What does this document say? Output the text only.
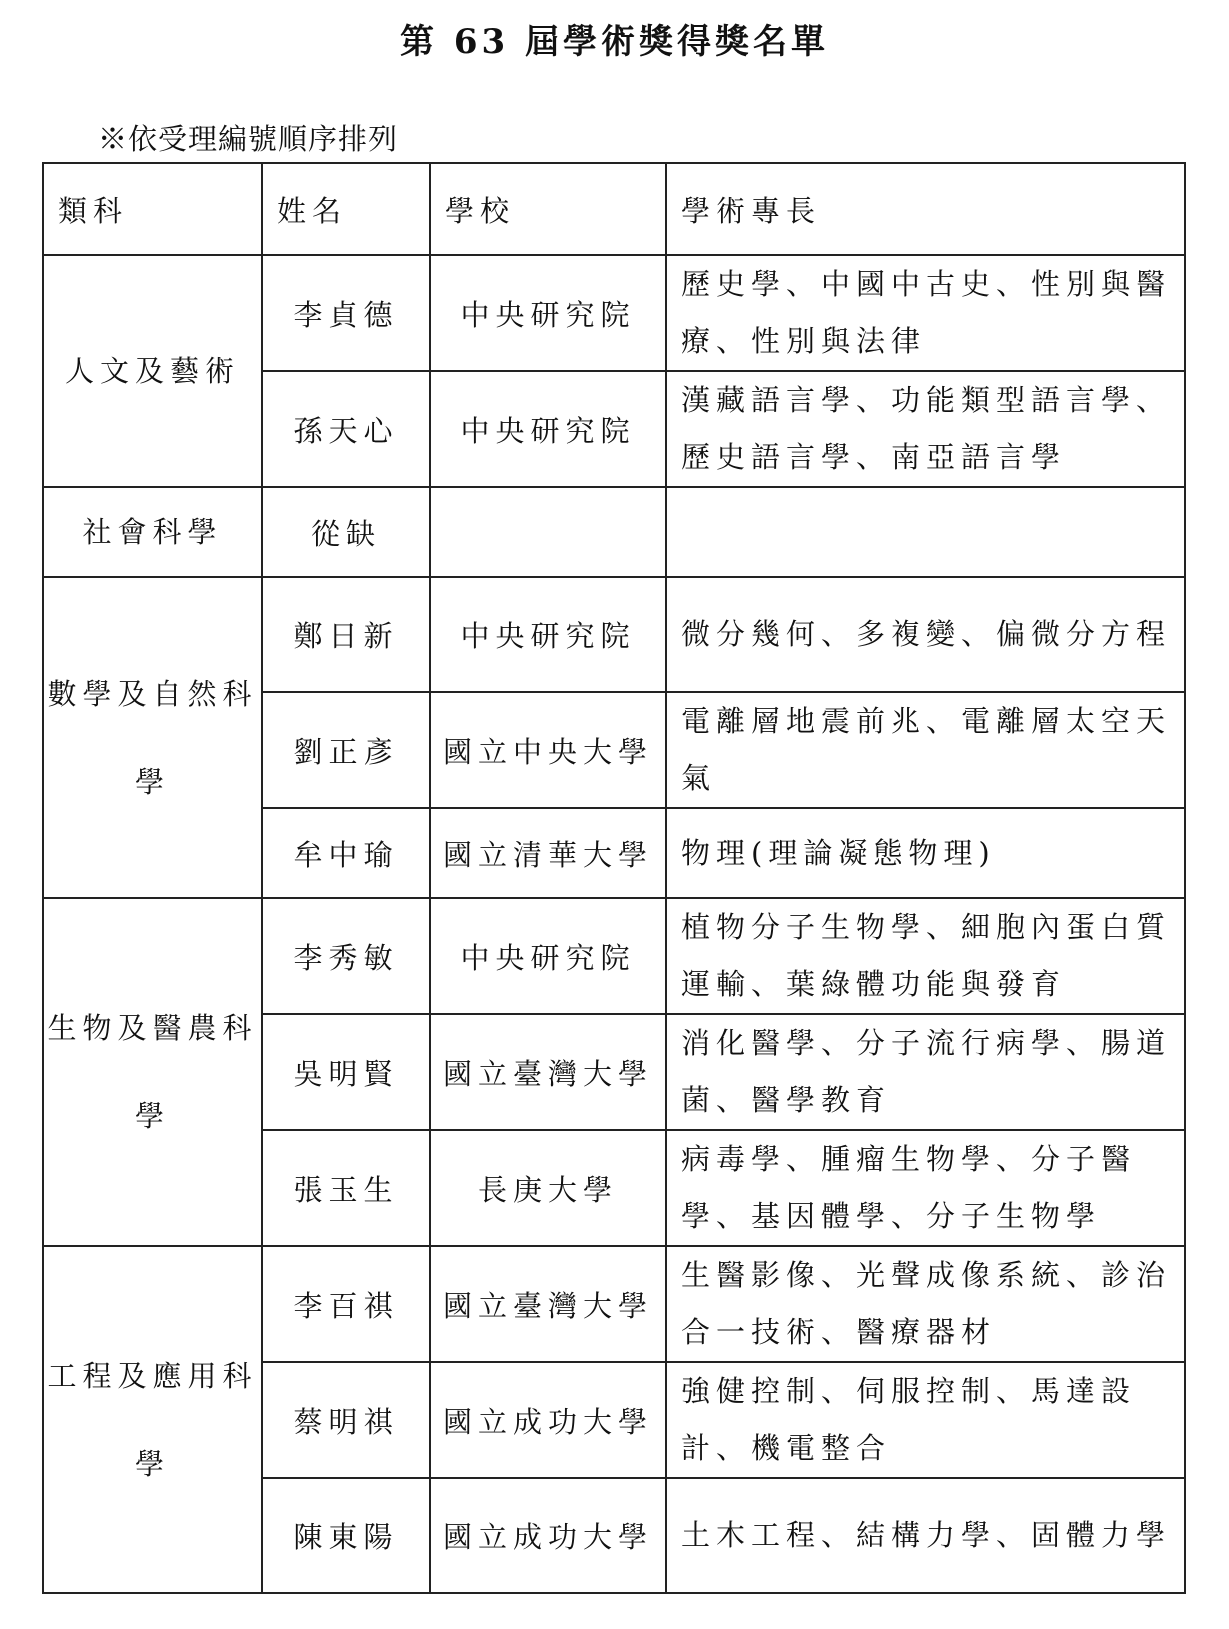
第 63 屆學術獎得獎名單
※依受理編號順序排列
類科	姓名	學校	學術專長
人文及藝術	李貞德	中央研究院	歷史學、中國中古史、性別與醫療、性別與法律
	孫天心	中央研究院	漢藏語言學、功能類型語言學、歷史語言學、南亞語言學
社會科學	從缺		

數學及自然科學	鄭日新	中央研究院	微分幾何、多複變、偏微分方程
	劉正彥	國立中央大學	電離層地震前兆、電離層太空天氣
	牟中瑜	國立清華大學	物理(理論凝態物理)

生物及醫農科學	李秀敏	中央研究院	植物分子生物學、細胞內蛋白質運輸、葉綠體功能與發育
	吳明賢	國立臺灣大學	消化醫學、分子流行病學、腸道菌、醫學教育
	張玉生	長庚大學	病毒學、腫瘤生物學、分子醫學、基因體學、分子生物學

工程及應用科學	李百祺	國立臺灣大學	生醫影像、光聲成像系統、診治合一技術、醫療器材
	蔡明祺	國立成功大學	強健控制、伺服控制、馬達設計、機電整合
	陳東陽	國立成功大學	土木工程、結構力學、固體力學
